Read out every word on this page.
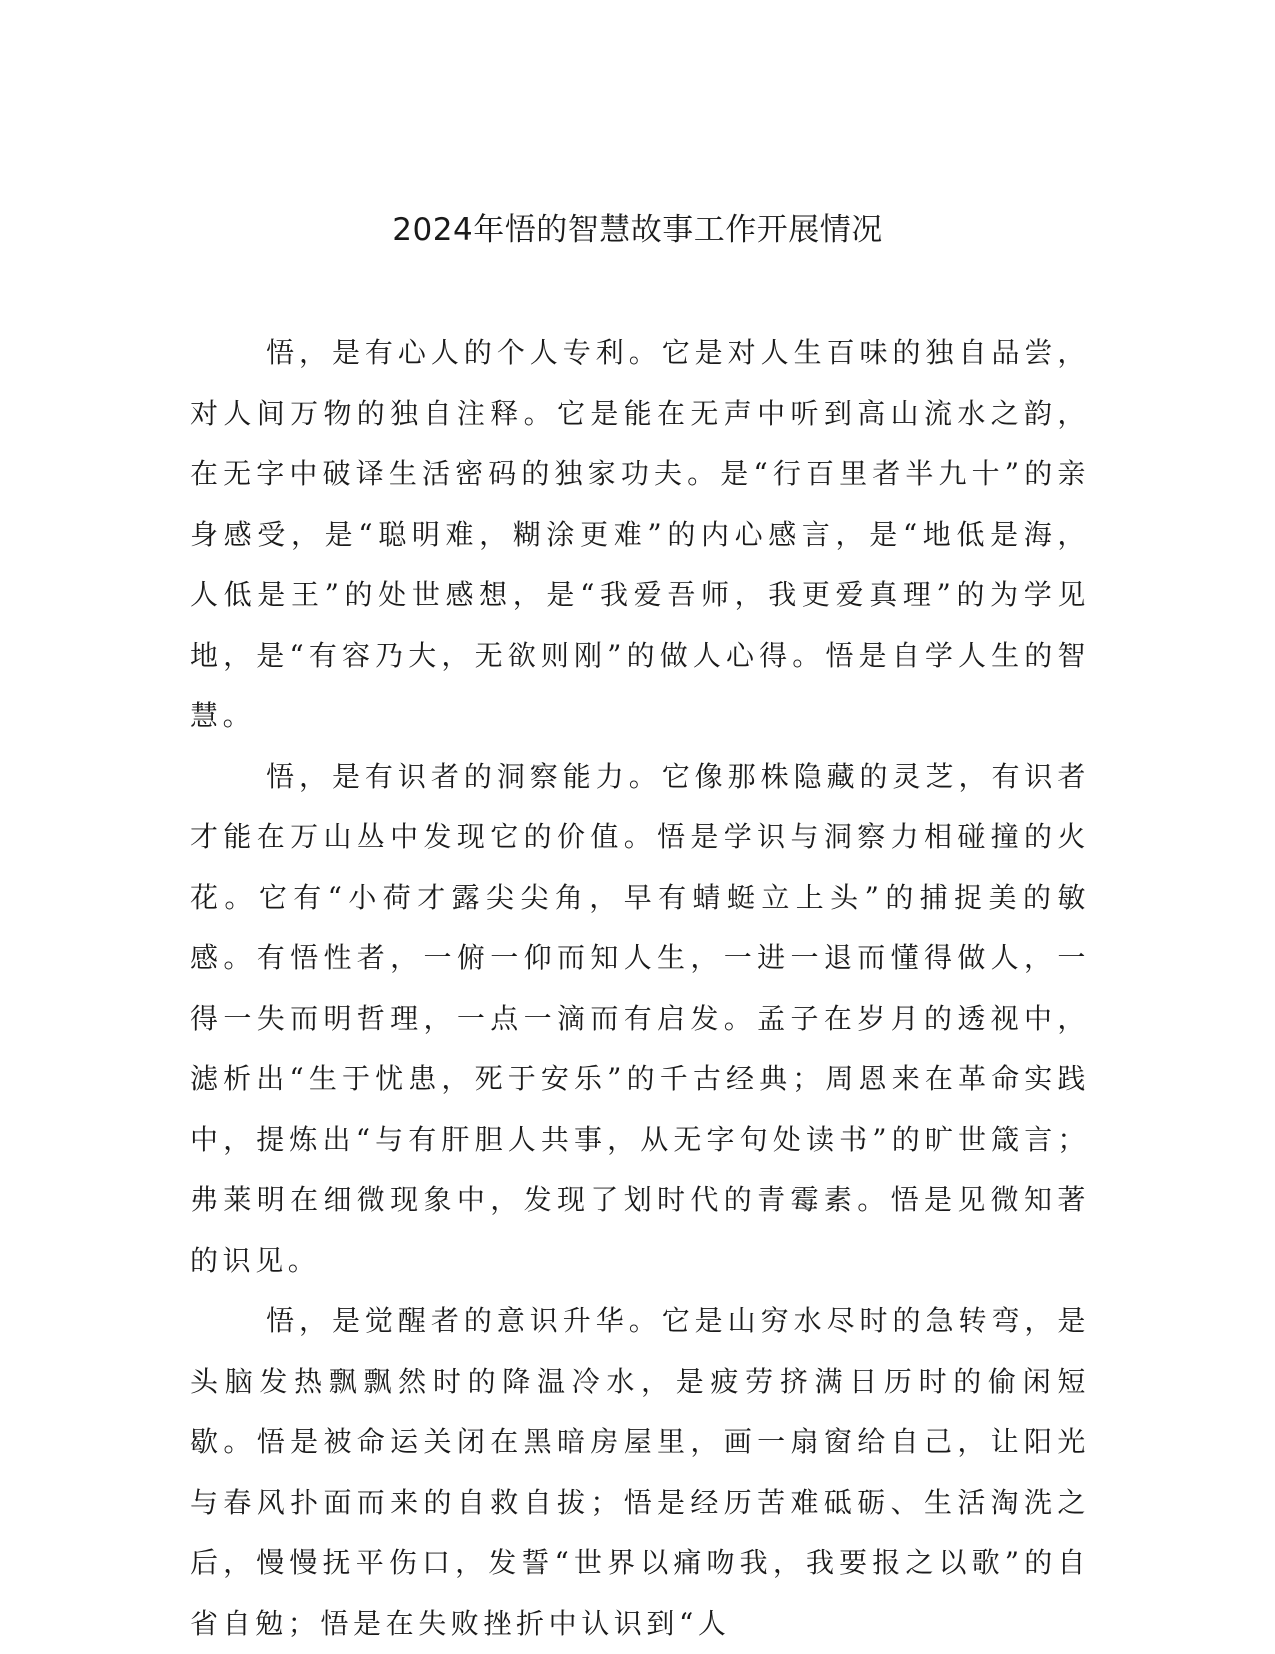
2024年悟的智慧故事工作开展情况

悟，是有心人的个人专利。它是对人生百味的独自品尝，对人间万物的独自注释。它是能在无声中听到高山流水之韵，在无字中破译生活密码的独家功夫。是“行百里者半九十”的亲身感受，是“聪明难，糊涂更难”的内心感言，是“地低是海，人低是王”的处世感想，是“我爱吾师，我更爱真理”的为学见地，是“有容乃大，无欲则刚”的做人心得。悟是自学人生的智慧。

悟，是有识者的洞察能力。它像那株隐藏的灵芝，有识者才能在万山丛中发现它的价值。悟是学识与洞察力相碰撞的火花。它有“小荷才露尖尖角，早有蜻蜓立上头”的捕捉美的敏感。有悟性者，一俯一仰而知人生，一进一退而懂得做人，一得一失而明哲理，一点一滴而有启发。孟子在岁月的透视中，滤析出“生于忧患，死于安乐”的千古经典；周恩来在革命实践中，提炼出“与有肝胆人共事，从无字句处读书”的旷世箴言；弗莱明在细微现象中，发现了划时代的青霉素。悟是见微知著的识见。

悟，是觉醒者的意识升华。它是山穷水尽时的急转弯，是头脑发热飘飘然时的降温冷水，是疲劳挤满日历时的偷闲短歇。悟是被命运关闭在黑暗房屋里，画一扇窗给自己，让阳光与春风扑面而来的自救自拔；悟是经历苦难砥砺、生活淘洗之后，慢慢抚平伤口，发誓“世界以痛吻我，我要报之以歌”的自省自勉；悟是在失败挫折中认识到“人
